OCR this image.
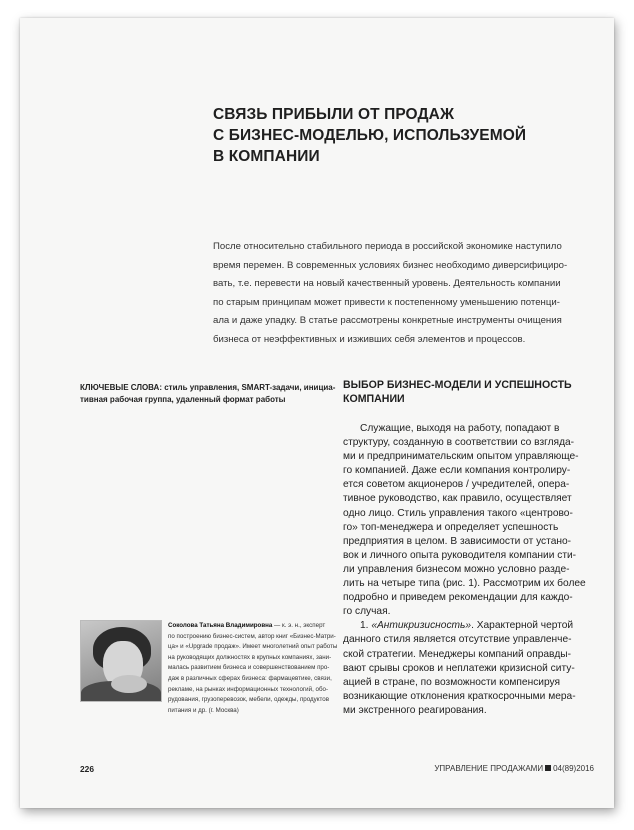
СВЯЗЬ ПРИБЫЛИ ОТ ПРОДАЖ
С БИЗНЕС-МОДЕЛЬЮ, ИСПОЛЬЗУЕМОЙ
В КОМПАНИИ
После относительно стабильного периода в российской экономике наступило
время перемен. В современных условиях бизнес необходимо диверсифициро-
вать, т.е. перевести на новый качественный уровень. Деятельность компании
по старым принципам может привести к постепенному уменьшению потенци-
ала и даже упадку. В статье рассмотрены конкретные инструменты очищения
бизнеса от неэффективных и изживших себя элементов и процессов.
КЛЮЧЕВЫЕ СЛОВА: стиль управления, SMART-задачи, инициа-
тивная рабочая группа, удаленный формат работы
ВЫБОР БИЗНЕС-МОДЕЛИ И УСПЕШНОСТЬ
КОМПАНИИ
Служащие, выходя на работу, попадают в
структуру, созданную в соответствии со взгляда-
ми и предпринимательским опытом управляюще-
го компанией. Даже если компания контролиру-
ется советом акционеров / учредителей, опера-
тивное руководство, как правило, осуществляет
одно лицо. Стиль управления такого «центрово-
го» топ-менеджера и определяет успешность
предприятия в целом. В зависимости от устано-
вок и личного опыта руководителя компании сти-
ли управления бизнесом можно условно разде-
лить на четыре типа (рис. 1). Рассмотрим их более
подробно и приведем рекомендации для каждо-
го случая.
1. «Антикризисность». Характерной чертой
данного стиля является отсутствие управленче-
ской стратегии. Менеджеры компаний оправды-
вают срывы сроков и неплатежи кризисной ситу-
ацией в стране, по возможности компенсируя
возникающие отклонения краткосрочными мера-
ми экстренного реагирования.
Соколова Татьяна Владимировна — к. э. н., эксперт
по построению бизнес-систем, автор книг «Бизнес-Матри-
ца» и «Upgrade продаж». Имеет многолетний опыт работы
на руководящих должностях в крупных компаниях, зани-
малась развитием бизнеса и совершенствованием про-
даж в различных сферах бизнеса: фармацевтике, связи,
рекламе, на рынках информационных технологий, обо-
рудования, грузоперевозок, мебели, одежды, продуктов
питания и др. (г. Москва)
226	УПРАВЛЕНИЕ ПРОДАЖАМИ 04(89)2016
